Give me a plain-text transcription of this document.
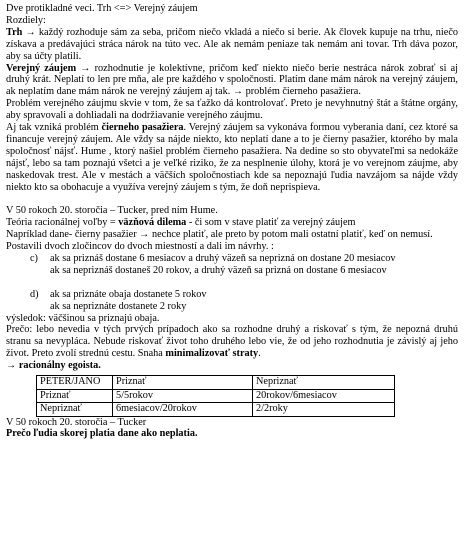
Dve protikladné veci. Trh <=> Verejný záujem
Rozdiely:
Trh → každý rozhoduje sám za seba, pričom niečo vkladá a niečo si berie. Ak človek kupuje na trhu, niečo získava a predávajúci stráca nárok na túto vec. Ale ak nemám peniaze tak nemám ani tovar. Trh dáva pozor, aby sa účty platili.
Verejný záujem → rozhodnutie je kolektívne, pričom keď niekto niečo berie nestráca nárok zobrať si aj druhý krát. Neplatí to len pre mňa, ale pre každého v spoločnosti. Platím dane mám nárok na verejný záujem, ak neplatím dane mám nárok ne verejný záujem aj tak. → problém čierneho pasažiera.
Problém verejného záujmu skvie v tom, že sa ťažko dá kontrolovať. Preto je nevyhnutný štát a štátne orgány, aby spravovali a dohliadali na dodržiavanie verejného záujmu.
Aj tak vzniká problém čierneho pasažiera. Verejný záujem sa vykonáva formou vyberania daní, cez ktoré sa financuje verejný záujem. Ale vždy sa nájde niekto, kto neplatí dane a to je čierny pasažier, ktorého by mala spoločnosť nájsť. Hume , ktorý našiel problém čierneho pasažiera. Na dedine so sto obyvateľmi sa nedokáže nájsť, lebo sa tam poznajú všetci a je veľké riziko, že za nesplnenie úlohy, ktorá je vo verejnom záujme, aby naskedovak trest. Ale v mestách a väčších spoločnostiach kde sa nepoznajú ľudia navzájom sa nájde vždy niekto kto sa obohacuje a využíva verejný záujem s tým, že doň neprispieva.
V 50 rokoch 20. storočia – Tucker, pred ním Hume.
Teória racionálnej voľby = väzňová dilema - či som v stave platiť za verejný záujem
Napríklad dane- čierny pasažier → nechce platiť, ale preto by potom mali ostatní platiť, keď on nemusí.
Postavili dvoch zločincov do dvoch miestností a dali im návrhy. :
c) ak sa priznáš dostane 6 mesiacov a druhý väzeň sa neprizná on dostane 20 mesiacov
ak sa nepriznáš dostaneš 20 rokov, a druhý väzeň sa prizná on dostane 6 mesiacov
d) ak sa priznáte obaja dostanete 5 rokov
ak sa nepriznáte dostanete 2 roky
výsledok: väčšinou sa priznajú obaja.
Prečo: lebo nevedia v tých prvých prípadoch ako sa rozhodne druhý a riskovať s tým, že nepozná druhú stranu sa nevypláca. Nebude riskovať život toho druhého lebo vie, že od jeho rozhodnutia je závislý aj jeho život. Preto zvolí strednú cestu. Snaha minimalizovať straty.
→ racionálny egoista.
PETER/JANO	Priznať	Nepriznať
Priznať	5/5rokov	20rokov/6mesiacov
Nepriznať	6mesiacov/20rokov	2/2roky
V 50 rokoch 20. storočia – Tucker
Prečo ľudia skorej platia dane ako neplatia.
